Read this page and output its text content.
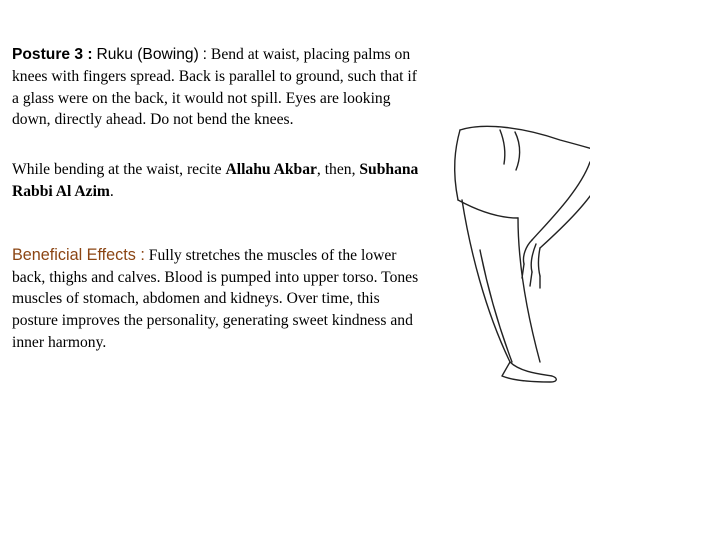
Posture 3 : Ruku (Bowing) : Bend at waist, placing palms on knees with fingers spread. Back is parallel to ground, such that if a glass were on the back, it would not spill. Eyes are looking down, directly ahead. Do not bend the knees.

While bending at the waist, recite Allahu Akbar, then, Subhana Rabbi Al Azim.

Beneficial Effects : Fully stretches the muscles of the lower back, thighs and calves. Blood is pumped into upper torso. Tones muscles of stomach, abdomen and kidneys. Over time, this posture improves the personality, generating sweet kindness and inner harmony.
